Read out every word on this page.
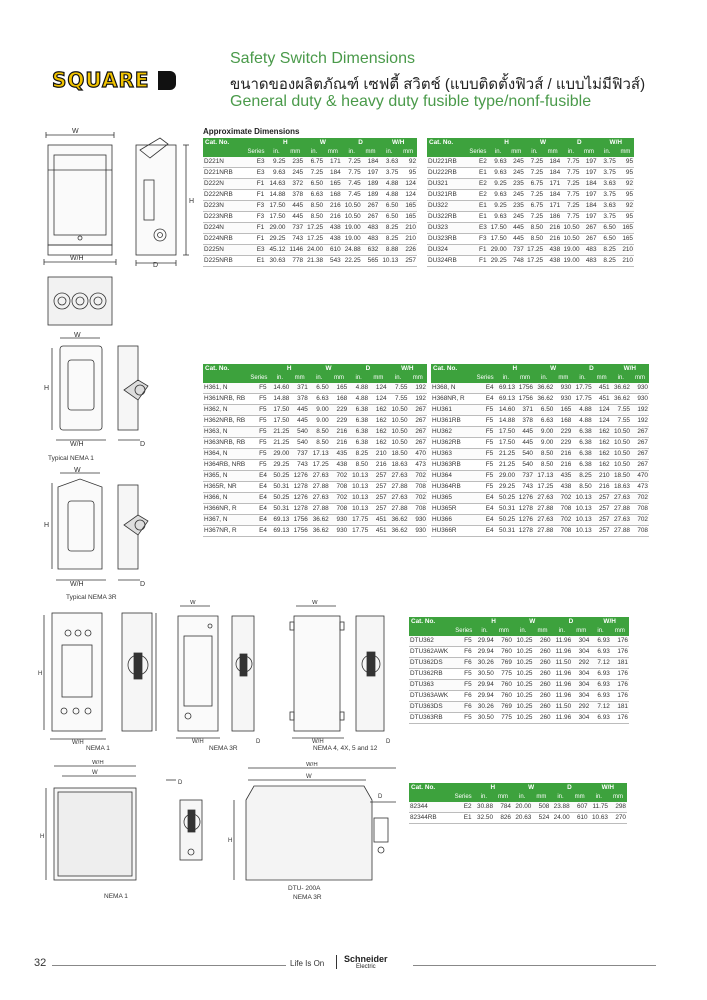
SQUARE
Safety Switch Dimensions
ขนาดของผลิตภัณฑ์ เซฟตี้ สวิตช์ (แบบติดตั้งฟิวส์ / แบบไม่มีฟิวส์)
General duty & heavy duty fusible type/nonf-fusible
Approximate Dimensions
Cat. No.		H		W		D		W/H	
Series		in.	mm	in.	mm	in.	mm	in.	mm
D221N	E3	9.25	235	6.75	171	7.25	184	3.63	92
D221NRB	E3	9.63	245	7.25	184	7.75	197	3.75	95
D222N	F1	14.63	372	6.50	165	7.45	189	4.88	124
D222NRB	F1	14.88	378	6.63	168	7.45	189	4.88	124
D223N	F3	17.50	445	8.50	216	10.50	267	6.50	165
D223NRB	F3	17.50	445	8.50	216	10.50	267	6.50	165
D224N	F1	29.00	737	17.25	438	19.00	483	8.25	210
D224NRB	F1	29.25	743	17.25	438	19.00	483	8.25	210
D225N	E3	45.12	1146	24.00	610	24.88	632	8.88	226
D225NRB	E1	30.63	778	21.38	543	22.25	565	10.13	257
Cat. No.		H		W		D		W/H	
Series		in.	mm	in.	mm	in.	mm	in.	mm
DU221RB	E2	9.63	245	7.25	184	7.75	197	3.75	95
DU222RB	E1	9.63	245	7.25	184	7.75	197	3.75	95
DU321	E2	9.25	235	6.75	171	7.25	184	3.63	92
DU321RB	E2	9.63	245	7.25	184	7.75	197	3.75	95
DU322	E1	9.25	235	6.75	171	7.25	184	3.63	92
DU322RB	E1	9.63	245	7.25	186	7.75	197	3.75	95
DU323	E3	17.50	445	8.50	216	10.50	267	6.50	165
DU323RB	F3	17.50	445	8.50	216	10.50	267	6.50	165
DU324	F1	29.00	737	17.25	438	19.00	483	8.25	210
DU324RB	F1	29.25	748	17.25	438	19.00	483	8.25	210
Cat. No.		H		W		D		W/H	
Series		in.	mm	in.	mm	in.	mm	in.	mm
H361, N	F5	14.60	371	6.50	165	4.88	124	7.55	192
H361NRB, RB	F5	14.88	378	6.63	168	4.88	124	7.55	192
H362, N	F5	17.50	445	9.00	229	6.38	162	10.50	267
H362NRB, RB	F5	17.50	445	9.00	229	6.38	162	10.50	267
H363, N	F5	21.25	540	8.50	216	6.38	162	10.50	267
H363NRB, RB	F5	21.25	540	8.50	216	6.38	162	10.50	267
H364, N	F5	29.00	737	17.13	435	8.25	210	18.50	470
H364RB, NRB	F5	29.25	743	17.25	438	8.50	216	18.63	473
H365, N	E4	50.25	1276	27.63	702	10.13	257	27.63	702
H365R, NR	E4	50.31	1278	27.88	708	10.13	257	27.88	708
H366, N	E4	50.25	1276	27.63	702	10.13	257	27.63	702
H366NR, R	E4	50.31	1278	27.88	708	10.13	257	27.88	708
H367, N	E4	69.13	1756	36.62	930	17.75	451	36.62	930
H367NR, R	E4	69.13	1756	36.62	930	17.75	451	36.62	930
Cat. No.		H		W		D		W/H	
Series		in.	mm	in.	mm	in.	mm	in.	mm
H368, N	E4	69.13	1756	36.62	930	17.75	451	36.62	930
H368NR, R	E4	69.13	1756	36.62	930	17.75	451	36.62	930
HU361	F5	14.60	371	6.50	165	4.88	124	7.55	192
HU361RB	F5	14.88	378	6.63	168	4.88	124	7.55	192
HU362	F5	17.50	445	9.00	229	6.38	162	10.50	267
HU362RB	F5	17.50	445	9.00	229	6.38	162	10.50	267
HU363	F5	21.25	540	8.50	216	6.38	162	10.50	267
HU363RB	F5	21.25	540	8.50	216	6.38	162	10.50	267
HU364	F5	29.00	737	17.13	435	8.25	210	18.50	470
HU364RB	F5	29.25	743	17.25	438	8.50	216	18.63	473
HU365	E4	50.25	1276	27.63	702	10.13	257	27.63	702
HU365R	E4	50.31	1278	27.88	708	10.13	257	27.88	708
HU366	E4	50.25	1276	27.63	702	10.13	257	27.63	702
HU366R	E4	50.31	1278	27.88	708	10.13	257	27.88	708
Cat. No.		H		W		D		W/H	
Series		in.	mm	in.	mm	in.	mm	in.	mm
DTU362	F5	29.94	760	10.25	260	11.96	304	6.93	176
DTU362AWK	F6	29.94	760	10.25	260	11.96	304	6.93	176
DTU362DS	F6	30.26	769	10.25	260	11.50	292	7.12	181
DTU362RB	F5	30.50	775	10.25	260	11.96	304	6.93	176
DTU363	F5	29.94	760	10.25	260	11.96	304	6.93	176
DTU363AWK	F6	29.94	760	10.25	260	11.96	304	6.93	176
DTU363DS	F6	30.26	769	10.25	260	11.50	292	7.12	181
DTU363RB	F5	30.50	775	10.25	260	11.96	304	6.93	176
Cat. No.		H		W		D		W/H	
Series		in.	mm	in.	mm	in.	mm	in.	mm
82344	E2	30.88	784	20.00	508	23.88	607	11.75	298
82344RB	E1	32.50	826	20.63	524	24.00	610	10.63	270
W
W/H
H
D
W
H
W/H	D
Typical NEMA 1
W
H
W/H	D
Typical NEMA 3R
W/H
H
NEMA 1
W
W/H	D
NEMA 3R
W
W/H	D
NEMA 4, 4X, 5 and 12
W/H
W
H
D
NEMA 1
W/H
W
H
D
DTU- 200A
NEMA 3R
32	Life Is On Schneider
Electric
